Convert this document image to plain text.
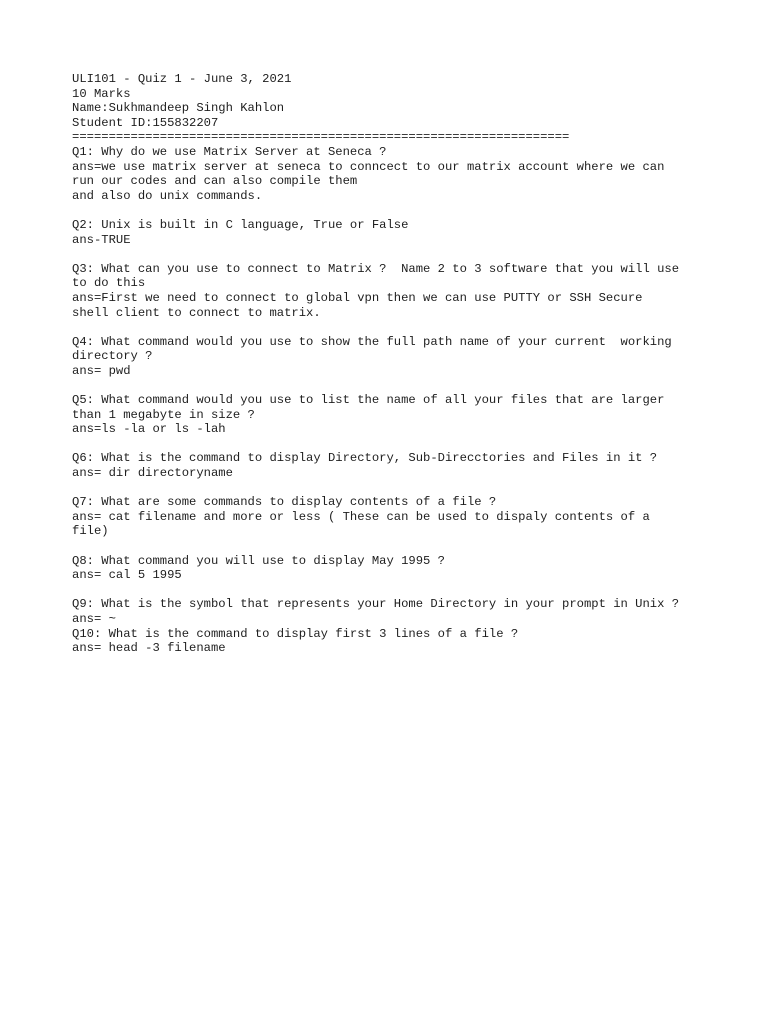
ULI101 - Quiz 1 - June 3, 2021
10 Marks
Name:Sukhmandeep Singh Kahlon
Student ID:155832207
====================================================================
Q1: Why do we use Matrix Server at Seneca ?
ans=we use matrix server at seneca to conncect to our matrix account where we can
run our codes and can also compile them
and also do unix commands.
Q2: Unix is built in C language, True or False
ans-TRUE
Q3: What can you use to connect to Matrix ?  Name 2 to 3 software that you will use
to do this
ans=First we need to connect to global vpn then we can use PUTTY or SSH Secure
shell client to connect to matrix.
Q4: What command would you use to show the full path name of your current  working
directory ?
ans= pwd
Q5: What command would you use to list the name of all your files that are larger
than 1 megabyte in size ?
ans=ls -la or ls -lah
Q6: What is the command to display Directory, Sub-Direcctories and Files in it ?
ans= dir directoryname
Q7: What are some commands to display contents of a file ?
ans= cat filename and more or less ( These can be used to dispaly contents of a
file)
Q8: What command you will use to display May 1995 ?
ans= cal 5 1995
Q9: What is the symbol that represents your Home Directory in your prompt in Unix ?
ans= ~
Q10: What is the command to display first 3 lines of a file ?
ans= head -3 filename
